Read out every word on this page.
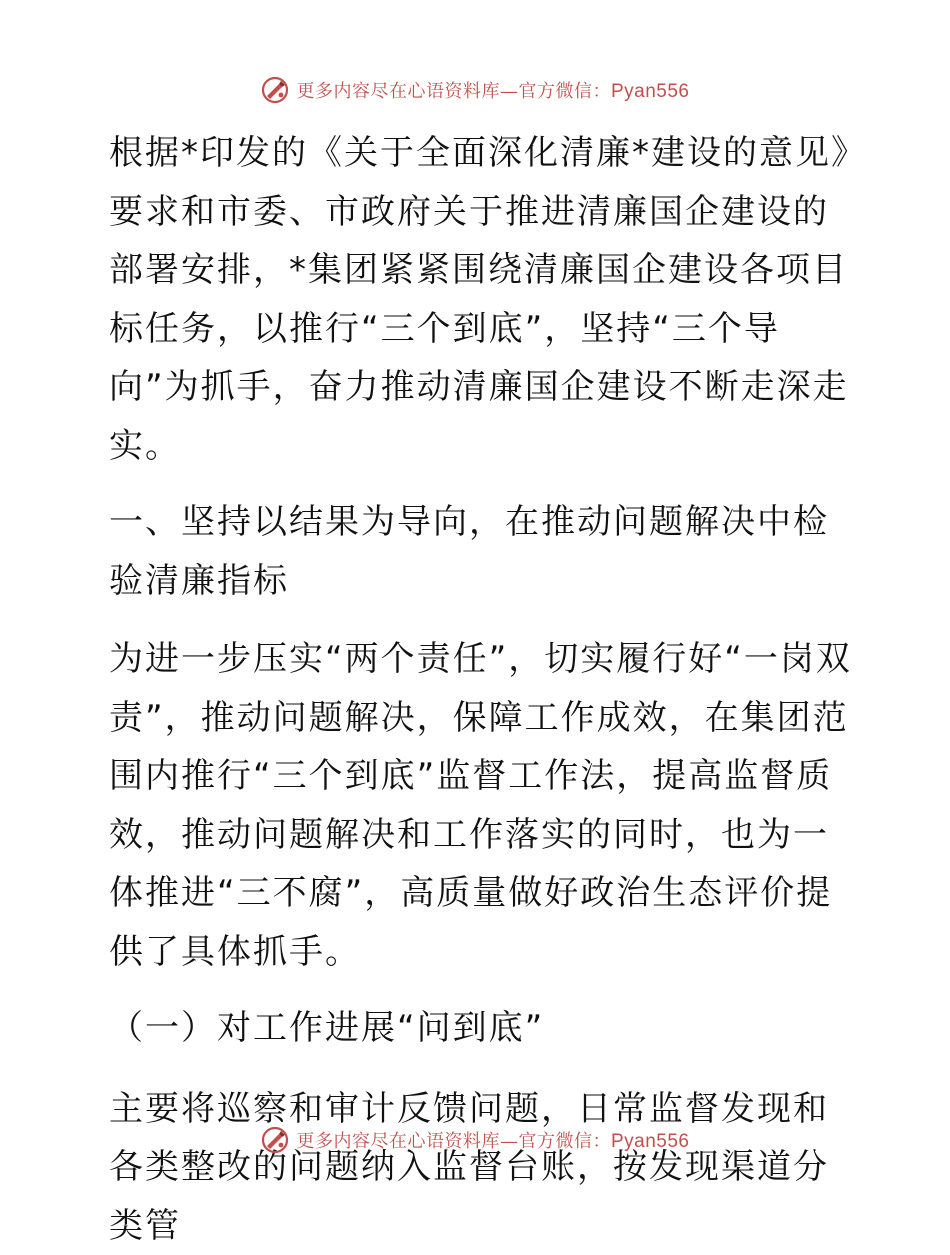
更多内容尽在心语资料库—官方微信：Pyan556

根据*印发的《关于全面深化清廉*建设的意见》要求和市委、市政府关于推进清廉国企建设的部署安排，*集团紧紧围绕清廉国企建设各项目标任务，以推行“三个到底”，坚持“三个导向”为抓手，奋力推动清廉国企建设不断走深走实。

一、坚持以结果为导向，在推动问题解决中检验清廉指标

为进一步压实“两个责任”，切实履行好“一岗双责”，推动问题解决，保障工作成效，在集团范围内推行“三个到底”监督工作法，提高监督质效，推动问题解决和工作落实的同时，也为一体推进“三不腐”，高质量做好政治生态评价提供了具体抓手。

（一）对工作进展“问到底”

主要将巡察和审计反馈问题，日常监督发现和各类整改的问题纳入监督台账，按发现渠道分类管

更多内容尽在心语资料库—官方微信：Pyan556
